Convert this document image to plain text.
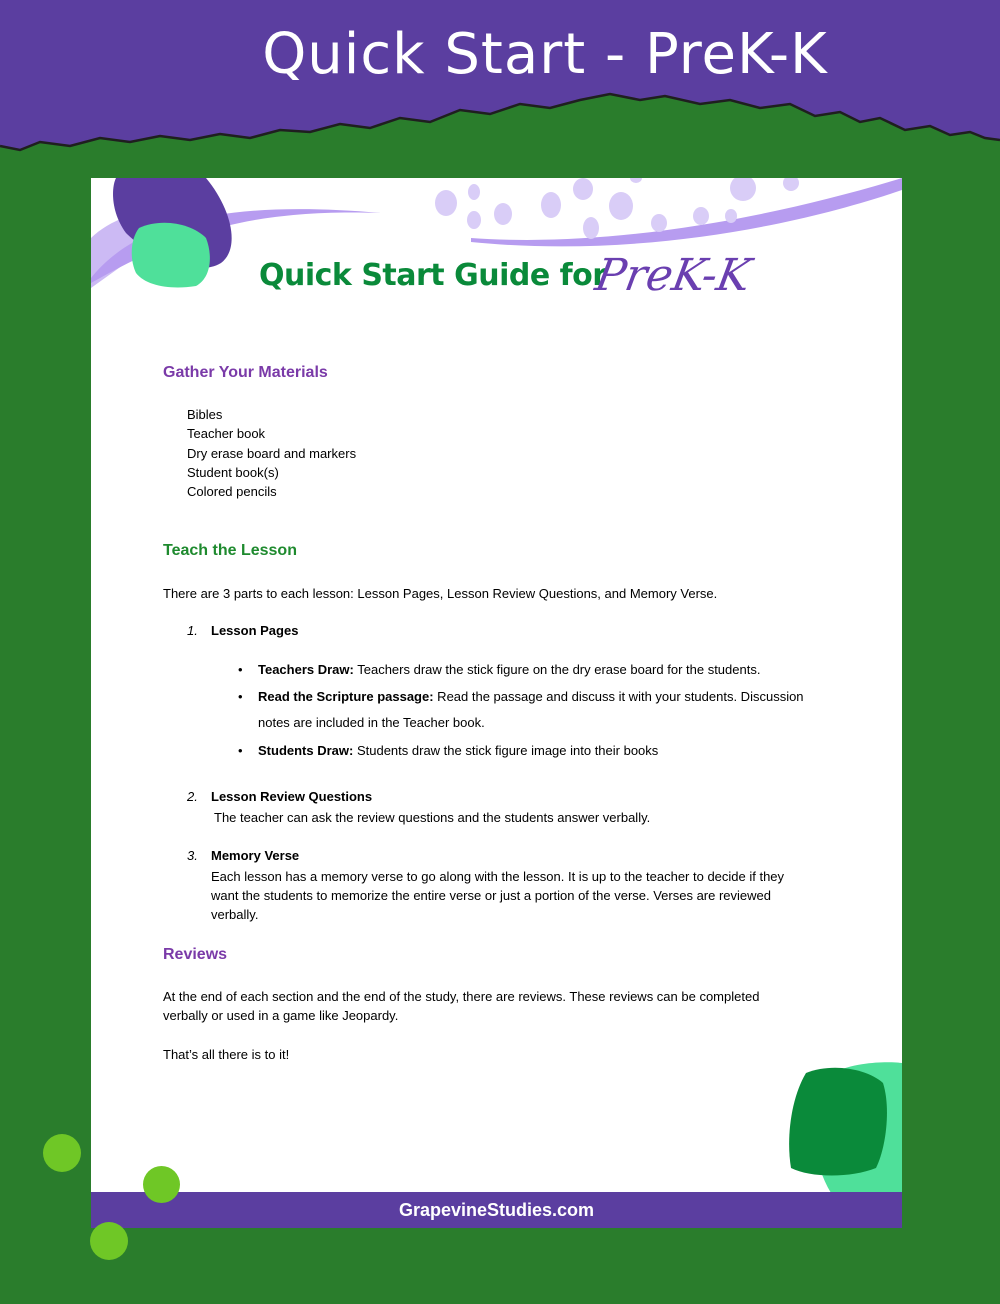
Quick Start - PreK-K
Quick Start Guide for
PreK-K
Gather Your Materials
Bibles
Teacher book
Dry erase board and markers
Student book(s)
Colored pencils
Teach the Lesson

There are 3 parts to each lesson: Lesson Pages, Lesson Review Questions, and Memory Verse.

1. Lesson Pages
• Teachers Draw: Teachers draw the stick figure on the dry erase board for the students.
• Read the Scripture passage: Read the passage and discuss it with your students. Discussion
notes are included in the Teacher book.
• Students Draw: Students draw the stick figure image into their books
2. Lesson Review Questions

The teacher can ask the review questions and the students answer verbally.

3. Memory Verse

Each lesson has a memory verse to go along with the lesson. It is up to the teacher to decide if they

want the students to memorize the entire verse or just a portion of the verse. Verses are reviewed

verbally.

Reviews

At the end of each section and the end of the study, there are reviews. These reviews can be completed

verbally or used in a game like Jeopardy.

That’s all there is to it!

GrapevineStudies.com
